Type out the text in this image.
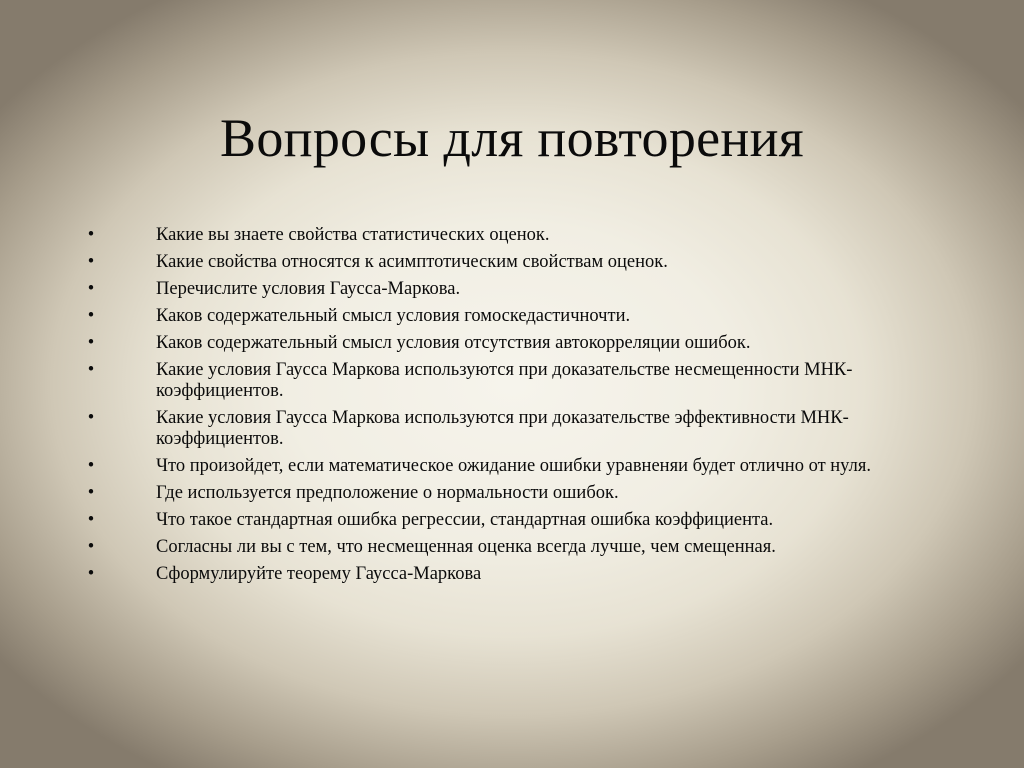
Вопросы для повторения
•	Какие вы знаете свойства статистических оценок.
•	Какие свойства относятся к асимптотическим свойствам оценок.
•	Перечислите условия Гаусса-Маркова.
•	Каков содержательный смысл условия гомоскедастичночти.
•	Каков содержательный смысл условия отсутствия автокорреляции ошибок.
•	Какие условия Гаусса Маркова используются при доказательстве несмещенности МНК-коэффициентов.
•	Какие условия Гаусса Маркова используются при доказательстве эффективности МНК-коэффициентов.
•	Что произойдет, если математическое ожидание ошибки уравненяи будет отлично от нуля.
•	Где используется предположение о нормальности ошибок.
•	Что такое стандартная ошибка регрессии, стандартная ошибка коэффициента.
•	Согласны ли вы с тем, что несмещенная оценка всегда лучше, чем смещенная.
•	Сформулируйте теорему Гаусса-Маркова
